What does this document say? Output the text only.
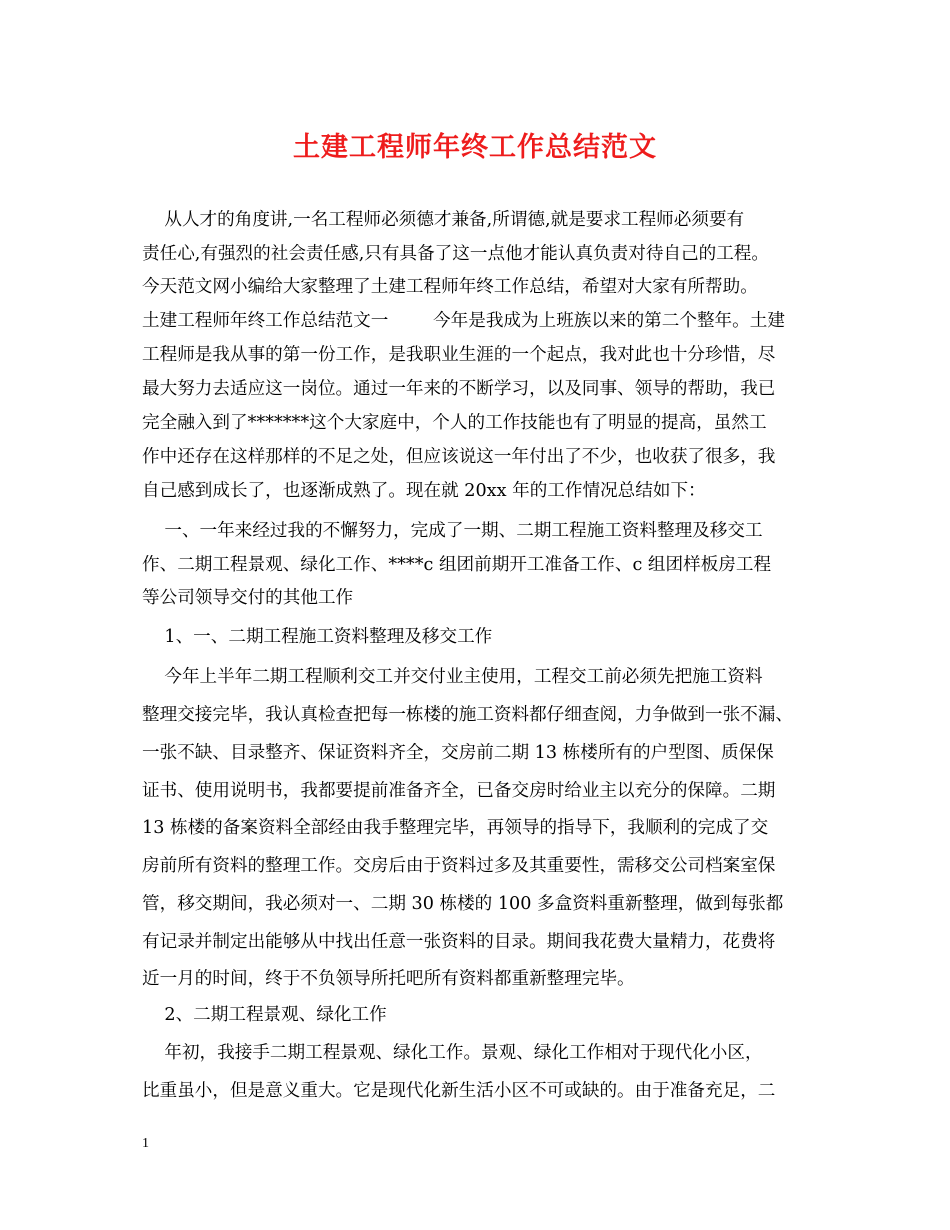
土建工程师年终工作总结范文
从人才的角度讲,一名工程师必须德才兼备,所谓德,就是要求工程师必须要有
责任心,有强烈的社会责任感,只有具备了这一点他才能认真负责对待自己的工程。
今天范文网小编给大家整理了土建工程师年终工作总结，希望对大家有所帮助。
土建工程师年终工作总结范文一        今年是我成为上班族以来的第二个整年。土建
工程师是我从事的第一份工作，是我职业生涯的一个起点，我对此也十分珍惜，尽
最大努力去适应这一岗位。通过一年来的不断学习，以及同事、领导的帮助，我已
完全融入到了*******这个大家庭中，个人的工作技能也有了明显的提高，虽然工
作中还存在这样那样的不足之处，但应该说这一年付出了不少，也收获了很多，我
自己感到成长了，也逐渐成熟了。现在就 20xx 年的工作情况总结如下：
一、一年来经过我的不懈努力，完成了一期、二期工程施工资料整理及移交工
作、二期工程景观、绿化工作、****c 组团前期开工准备工作、c 组团样板房工程
等公司领导交付的其他工作
1、一、二期工程施工资料整理及移交工作
今年上半年二期工程顺利交工并交付业主使用，工程交工前必须先把施工资料
整理交接完毕，我认真检查把每一栋楼的施工资料都仔细查阅，力争做到一张不漏、
一张不缺、目录整齐、保证资料齐全，交房前二期 13 栋楼所有的户型图、质保保
证书、使用说明书，我都要提前准备齐全，已备交房时给业主以充分的保障。二期
13 栋楼的备案资料全部经由我手整理完毕，再领导的指导下，我顺利的完成了交
房前所有资料的整理工作。交房后由于资料过多及其重要性，需移交公司档案室保
管，移交期间，我必须对一、二期 30 栋楼的 100 多盒资料重新整理，做到每张都
有记录并制定出能够从中找出任意一张资料的目录。期间我花费大量精力，花费将
近一月的时间，终于不负领导所托吧所有资料都重新整理完毕。
2、二期工程景观、绿化工作
年初，我接手二期工程景观、绿化工作。景观、绿化工作相对于现代化小区，
比重虽小，但是意义重大。它是现代化新生活小区不可或缺的。由于准备充足，二
1
